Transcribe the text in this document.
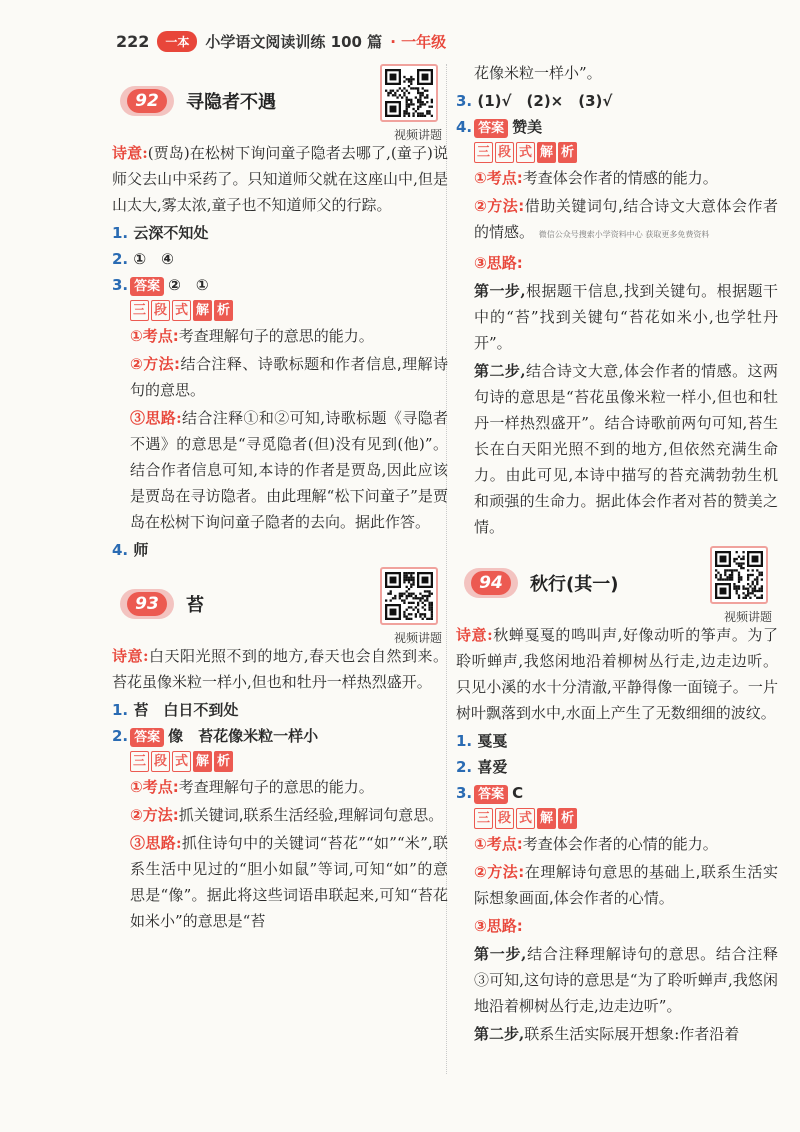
222	一本	小学语文阅读训练 100 篇 · 一年级
92	寻隐者不遇
视频讲题

诗意:(贾岛)在松树下询问童子隐者去哪了,(童子)说师父去山中采药了。只知道师父就在这座山中,但是山太大,雾太浓,童子也不知道师父的行踪。

1. 云深不知处

2. ①　④

3. 答案 ②　①

三 段 式 解 析

①考点:考查理解句子的意思的能力。

②方法:结合注释、诗歌标题和作者信息,理解诗句的意思。

③思路:结合注释①和②可知,诗歌标题《寻隐者不遇》的意思是“寻觅隐者(但)没有见到(他)”。结合作者信息可知,本诗的作者是贾岛,因此应该是贾岛在寻访隐者。由此理解“松下问童子”是贾岛在松树下询问童子隐者的去向。据此作答。

4. 师

93	苔
视频讲题

诗意:白天阳光照不到的地方,春天也会自然到来。苔花虽像米粒一样小,但也和牡丹一样热烈盛开。

1. 苔　白日不到处

2. 答案 像　苔花像米粒一样小

三 段 式 解 析

①考点:考查理解句子的意思的能力。

②方法:抓关键词,联系生活经验,理解词句意思。

③思路:抓住诗句中的关键词“苔花”“如”“米”,联系生活中见过的“胆小如鼠”等词,可知“如”的意思是“像”。据此将这些词语串联起来,可知“苔花如米小”的意思是“苔

花像米粒一样小”。

3. (1)√　(2)×　(3)√

4. 答案 赞美

三 段 式 解 析

①考点:考查体会作者的情感的能力。

②方法:借助关键词句,结合诗文大意体会作者的情感。 微信公众号搜索小学资料中心 获取更多免费资料

③思路:

第一步,根据题干信息,找到关键句。根据题干中的“苔”找到关键句“苔花如米小,也学牡丹开”。

第二步,结合诗文大意,体会作者的情感。这两句诗的意思是“苔花虽像米粒一样小,但也和牡丹一样热烈盛开”。结合诗歌前两句可知,苔生长在白天阳光照不到的地方,但依然充满生命力。由此可见,本诗中描写的苔充满勃勃生机和顽强的生命力。据此体会作者对苔的赞美之情。

94	秋行(其一)
视频讲题

诗意:秋蝉戛戛的鸣叫声,好像动听的筝声。为了聆听蝉声,我悠闲地沿着柳树丛行走,边走边听。只见小溪的水十分清澈,平静得像一面镜子。一片树叶飘落到水中,水面上产生了无数细细的波纹。

1. 戛戛

2. 喜爱

3. 答案 C

三 段 式 解 析

①考点:考查体会作者的心情的能力。

②方法:在理解诗句意思的基础上,联系生活实际想象画面,体会作者的心情。

③思路:

第一步,结合注释理解诗句的意思。结合注释③可知,这句诗的意思是“为了聆听蝉声,我悠闲地沿着柳树丛行走,边走边听”。

第二步,联系生活实际展开想象:作者沿着
